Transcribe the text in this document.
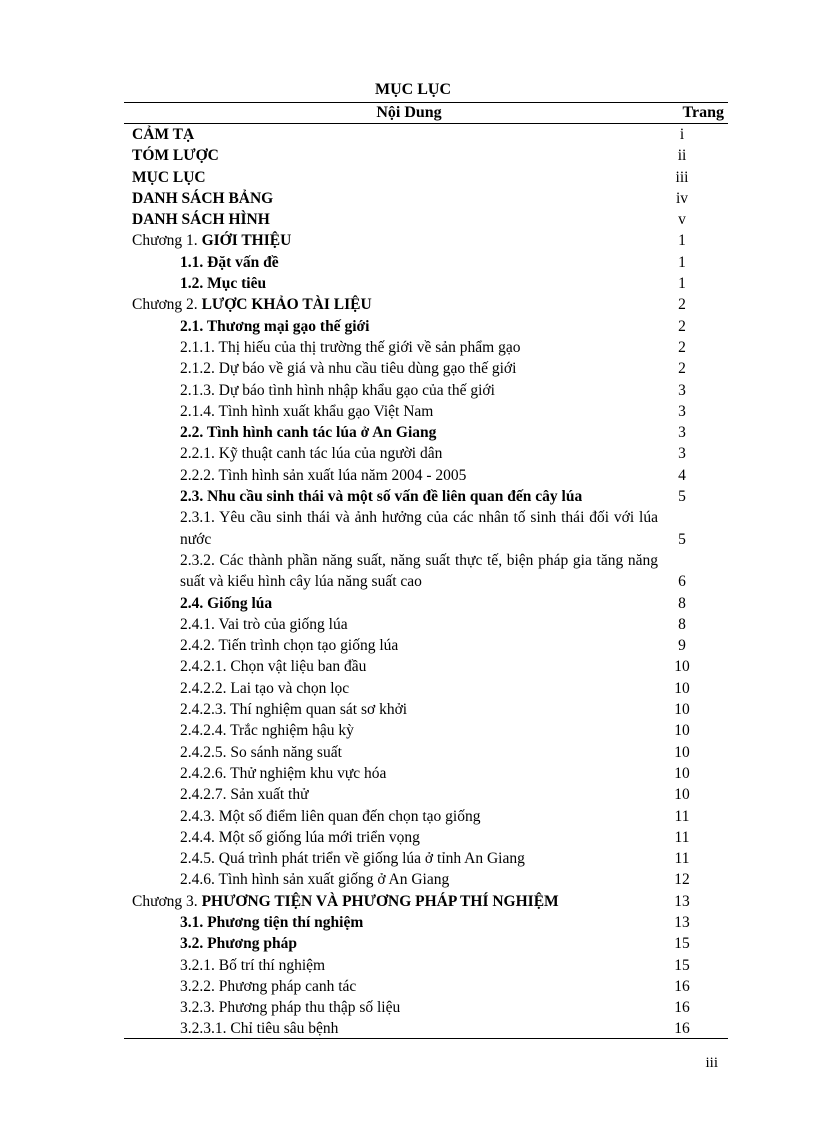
MỤC LỤC
Nội Dung	Trang
CẢM TẠ	i
TÓM LƯỢC	ii
MỤC LỤC	iii
DANH SÁCH BẢNG	iv
DANH SÁCH HÌNH	v
Chương 1. GIỚI THIỆU	1
1.1. Đặt vấn đề	1
1.2. Mục tiêu	1
Chương 2. LƯỢC KHẢO TÀI LIỆU	2
2.1. Thương mại gạo thế giới	2
2.1.1. Thị hiếu của thị trường thế giới về sản phẩm gạo	2
2.1.2. Dự báo về giá và nhu cầu tiêu dùng gạo thế giới	2
2.1.3. Dự báo tình hình nhập khẩu gạo của thế giới	3
2.1.4. Tình hình xuất khẩu gạo Việt Nam	3
2.2. Tình hình canh tác lúa ở An Giang	3
2.2.1. Kỹ thuật canh tác lúa của người dân	3
2.2.2. Tình hình sản xuất lúa năm 2004 - 2005	4
2.3. Nhu cầu sinh thái và một số vấn đề liên quan đến cây lúa	5
2.3.1. Yêu cầu sinh thái và ảnh hưởng của các nhân tố sinh thái đối với lúa nước	5
2.3.2. Các thành phần năng suất, năng suất thực tế, biện pháp gia tăng năng suất và kiểu hình cây lúa năng suất cao	6
2.4. Giống lúa	8
2.4.1. Vai trò của giống lúa	8
2.4.2. Tiến trình chọn tạo giống lúa	9
2.4.2.1. Chọn vật liệu ban đầu	10
2.4.2.2. Lai tạo và chọn lọc	10
2.4.2.3. Thí nghiệm quan sát sơ khởi	10
2.4.2.4. Trắc nghiệm hậu kỳ	10
2.4.2.5. So sánh năng suất	10
2.4.2.6. Thử nghiệm khu vực hóa	10
2.4.2.7. Sản xuất thử	10
2.4.3. Một số điểm liên quan đến chọn tạo giống	11
2.4.4. Một số giống lúa mới triển vọng	11
2.4.5. Quá trình phát triển về giống lúa ở tỉnh An Giang	11
2.4.6. Tình hình sản xuất giống ở An Giang	12
Chương 3. PHƯƠNG TIỆN VÀ PHƯƠNG PHÁP THÍ NGHIỆM	13
3.1. Phương tiện thí nghiệm	13
3.2. Phương pháp	15
3.2.1. Bố trí thí nghiệm	15
3.2.2. Phương pháp canh tác	16
3.2.3. Phương pháp thu thập số liệu	16
3.2.3.1. Chỉ tiêu sâu bệnh	16
iii
